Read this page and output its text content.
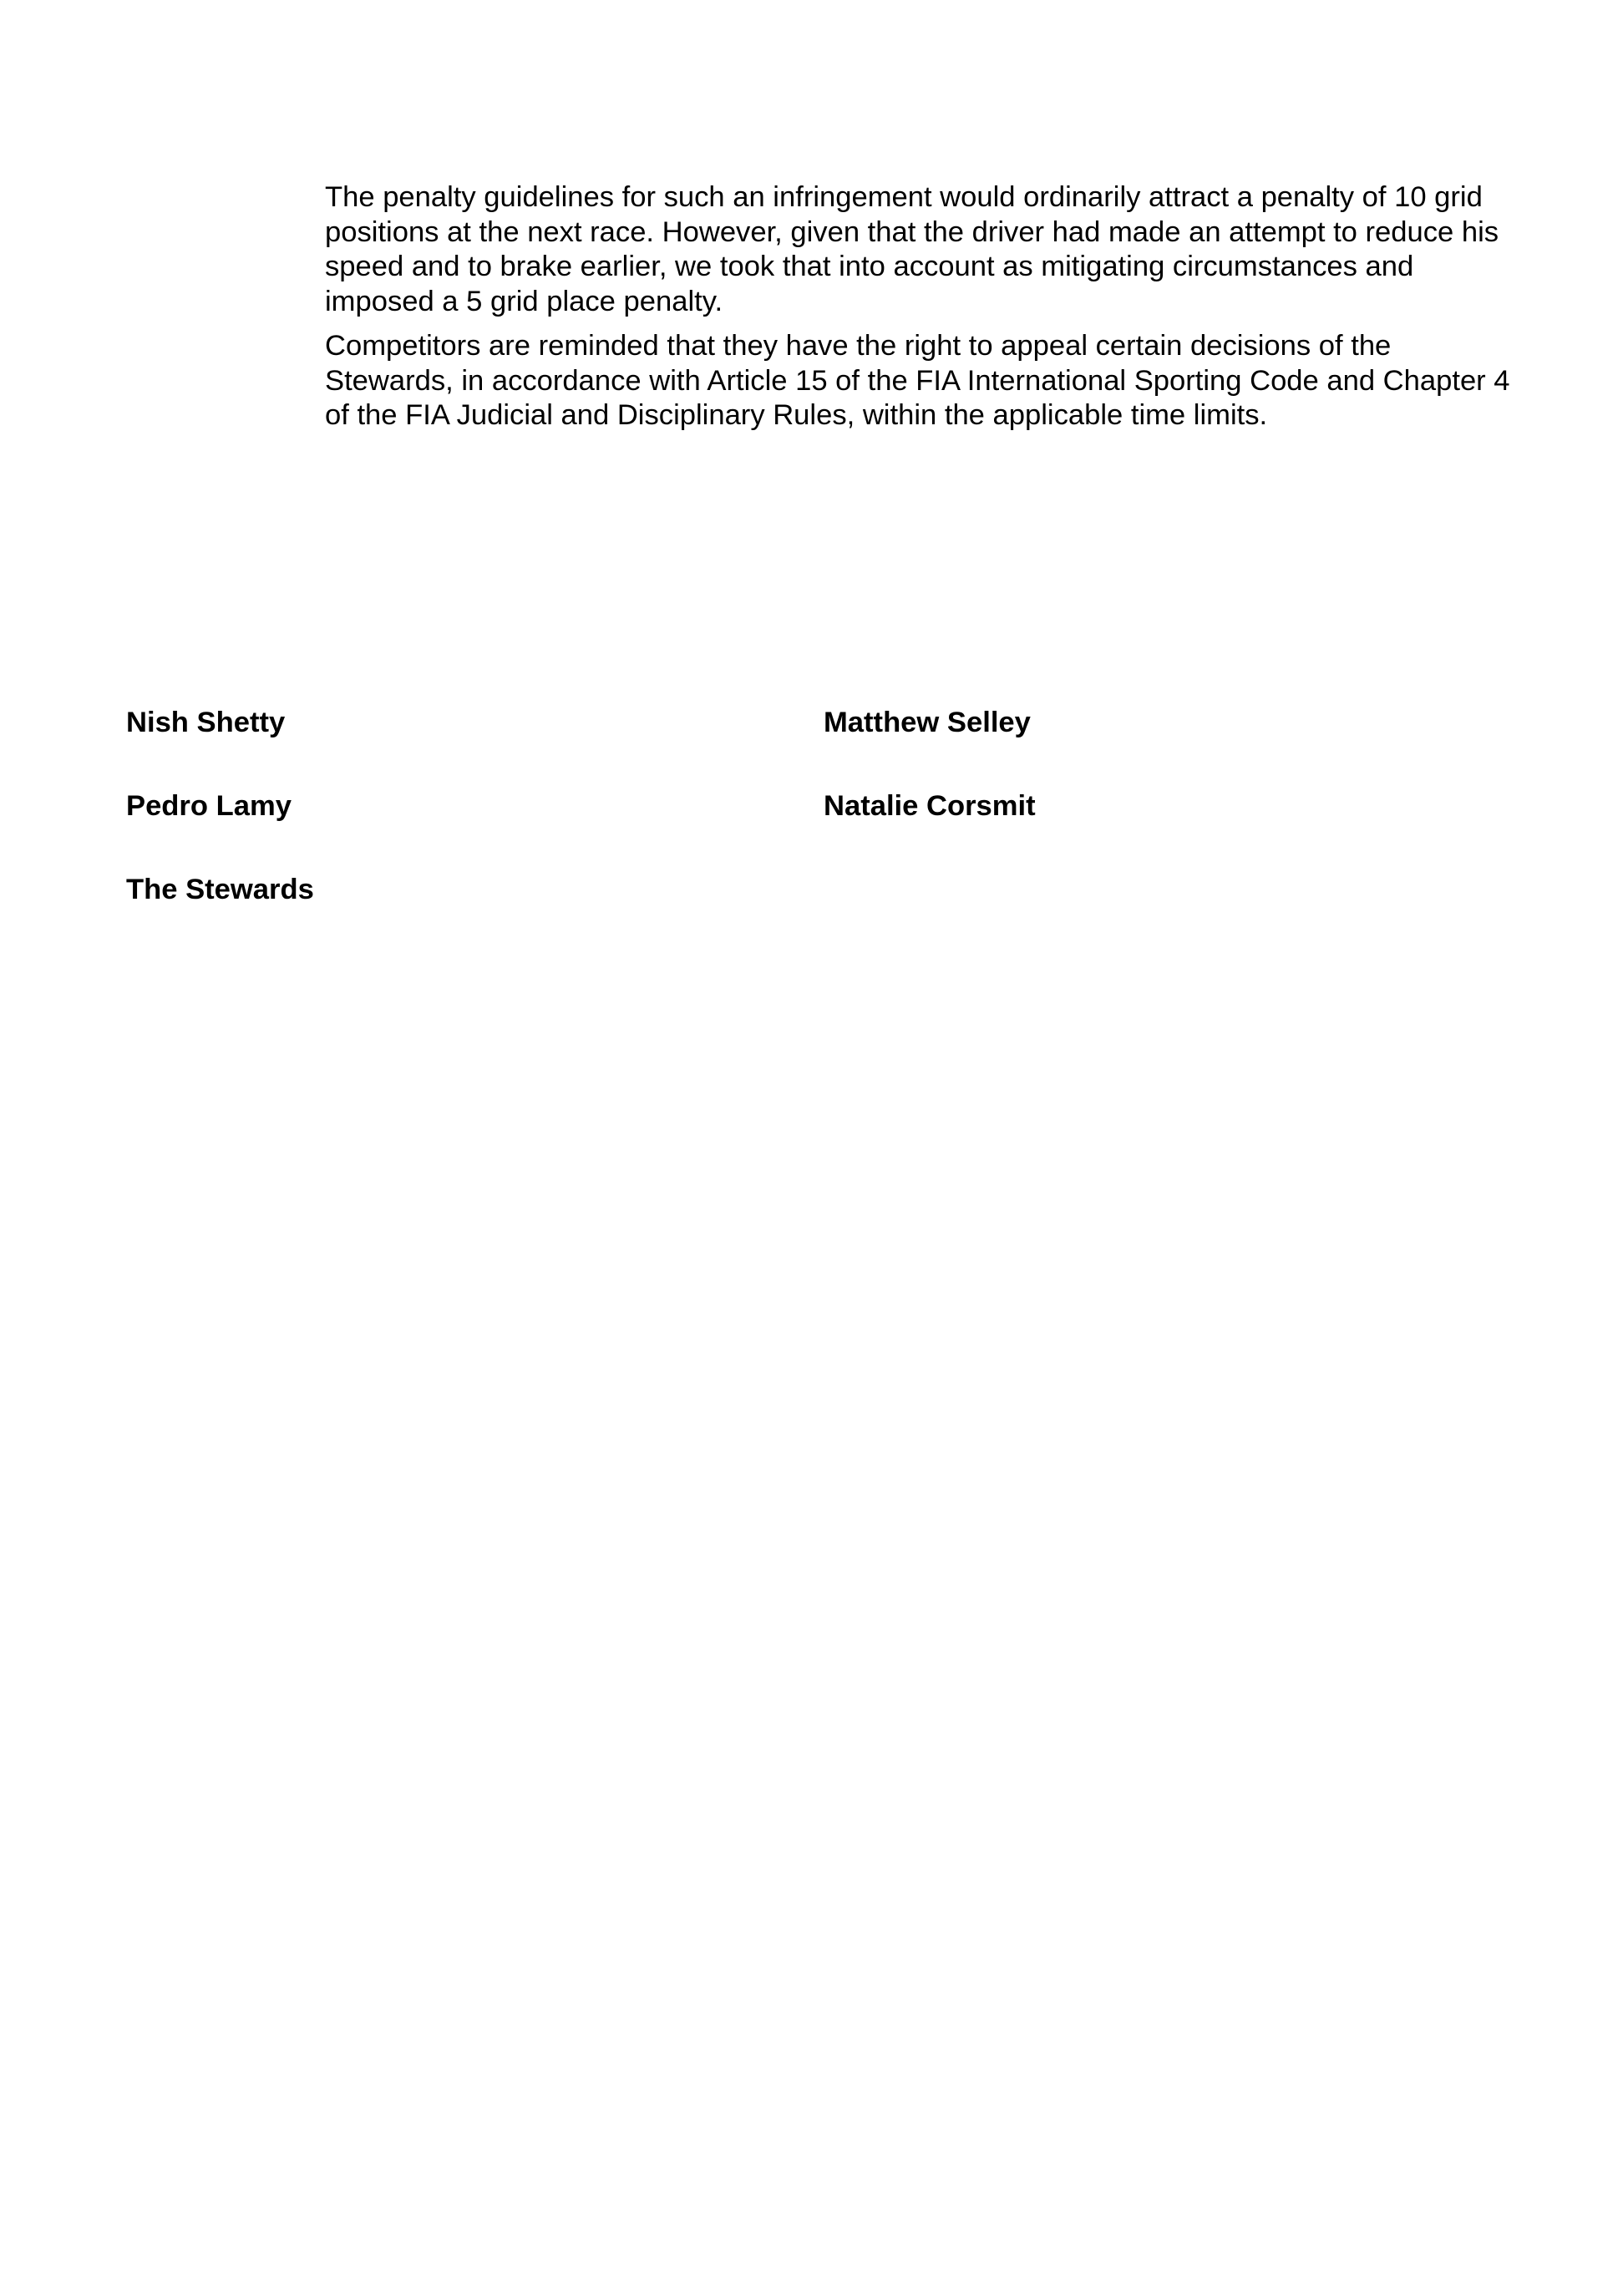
The penalty guidelines for such an infringement would ordinarily attract a penalty of 10 grid positions at the next race. However, given that the driver had made an attempt to reduce his speed and to brake earlier, we took that into account as mitigating circumstances and imposed a 5 grid place penalty.

Competitors are reminded that they have the right to appeal certain decisions of the Stewards, in accordance with Article 15 of the FIA International Sporting Code and Chapter 4 of the FIA Judicial and Disciplinary Rules, within the applicable time limits.

Nish Shetty	Matthew Selley
Pedro Lamy	Natalie Corsmit
The Stewards
